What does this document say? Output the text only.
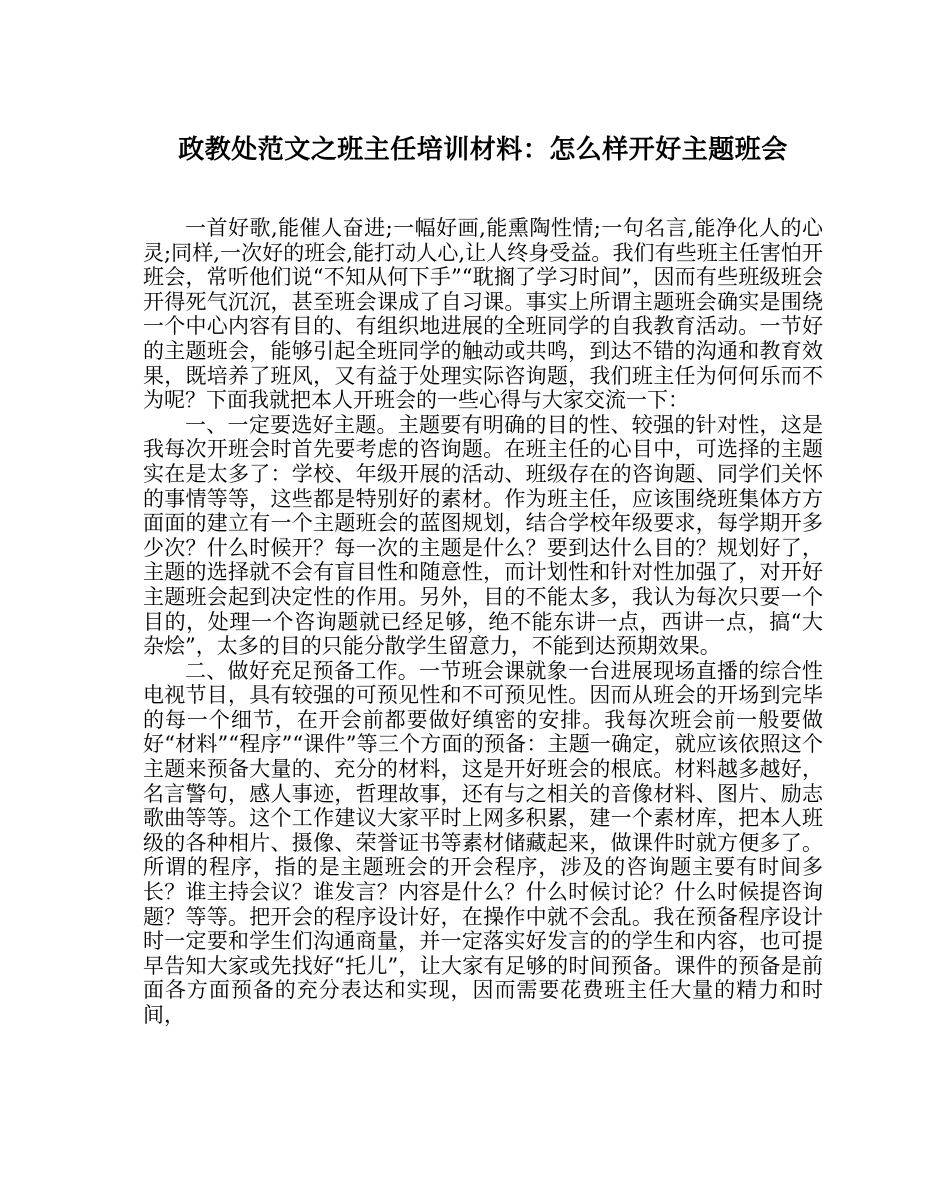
政教处范文之班主任培训材料：怎么样开好主题班会

一首好歌,能催人奋进;一幅好画,能熏陶性情;一句名言,能净化人的心灵;同样,一次好的班会,能打动人心,让人终身受益。我们有些班主任害怕开班会，常听他们说“不知从何下手”“耽搁了学习时间”，因而有些班级班会开得死气沉沉，甚至班会课成了自习课。事实上所谓主题班会确实是围绕一个中心内容有目的、有组织地进展的全班同学的自我教育活动。一节好的主题班会，能够引起全班同学的触动或共鸣，到达不错的沟通和教育效果，既培养了班风，又有益于处理实际咨询题，我们班主任为何何乐而不为呢？下面我就把本人开班会的一些心得与大家交流一下：

一、一定要选好主题。主题要有明确的目的性、较强的针对性，这是我每次开班会时首先要考虑的咨询题。在班主任的心目中，可选择的主题实在是太多了：学校、年级开展的活动、班级存在的咨询题、同学们关怀的事情等等，这些都是特别好的素材。作为班主任，应该围绕班集体方方面面的建立有一个主题班会的蓝图规划，结合学校年级要求，每学期开多少次？什么时候开？每一次的主题是什么？要到达什么目的？规划好了，主题的选择就不会有盲目性和随意性，而计划性和针对性加强了，对开好主题班会起到决定性的作用。另外，目的不能太多，我认为每次只要一个目的，处理一个咨询题就已经足够，绝不能东讲一点，西讲一点，搞“大杂烩”，太多的目的只能分散学生留意力，不能到达预期效果。

二、做好充足预备工作。一节班会课就象一台进展现场直播的综合性电视节目，具有较强的可预见性和不可预见性。因而从班会的开场到完毕的每一个细节，在开会前都要做好缜密的安排。我每次班会前一般要做好“材料”“程序”“课件”等三个方面的预备：主题一确定，就应该依照这个主题来预备大量的、充分的材料，这是开好班会的根底。材料越多越好，名言警句，感人事迹，哲理故事，还有与之相关的音像材料、图片、励志歌曲等等。这个工作建议大家平时上网多积累，建一个素材库，把本人班级的各种相片、摄像、荣誉证书等素材储藏起来，做课件时就方便多了。所谓的程序，指的是主题班会的开会程序，涉及的咨询题主要有时间多长？谁主持会议？谁发言？内容是什么？什么时候讨论？什么时候提咨询题？等等。把开会的程序设计好，在操作中就不会乱。我在预备程序设计时一定要和学生们沟通商量，并一定落实好发言的的学生和内容，也可提早告知大家或先找好“托儿”，让大家有足够的时间预备。课件的预备是前面各方面预备的充分表达和实现，因而需要花费班主任大量的精力和时间，
